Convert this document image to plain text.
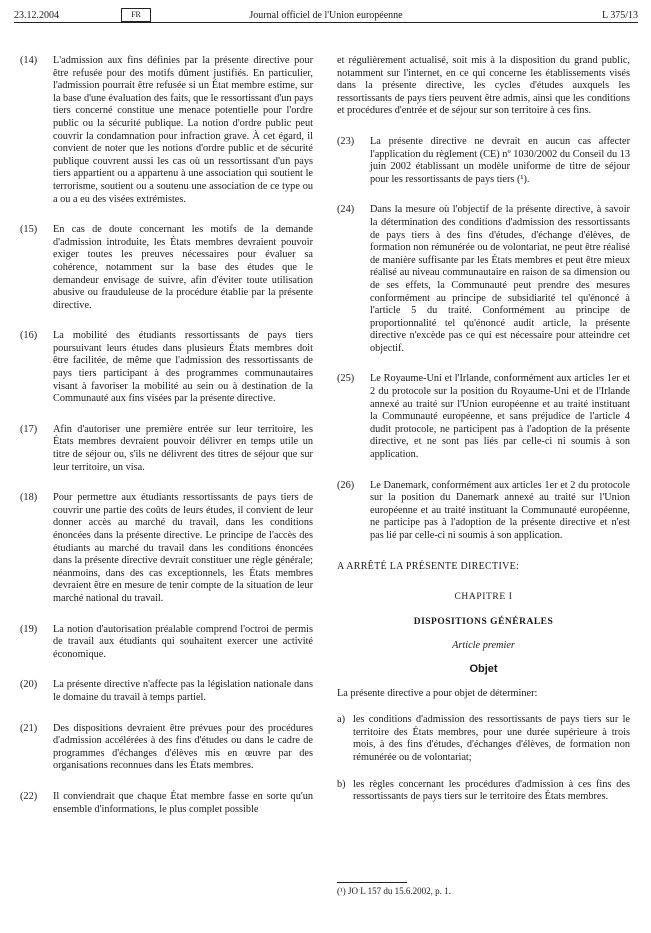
23.12.2004	FR	Journal officiel de l'Union européenne	L 375/13
(14)	L'admission aux fins définies par la présente directive pour être refusée pour des motifs dûment justifiés. En particulier, l'admission pourrait être refusée si un État membre estime, sur la base d'une évaluation des faits, que le ressortissant d'un pays tiers concerné constitue une menace potentielle pour l'ordre public ou la sécurité publique. La notion d'ordre public peut couvrir la condamnation pour infraction grave. À cet égard, il convient de noter que les notions d'ordre public et de sécurité publique couvrent aussi les cas où un ressortissant d'un pays tiers appartient ou a appartenu à une association qui soutient le terrorisme, soutient ou a soutenu une association de ce type ou a ou a eu des visées extrémistes.
(15)	En cas de doute concernant les motifs de la demande d'admission introduite, les États membres devraient pouvoir exiger toutes les preuves nécessaires pour évaluer sa cohérence, notamment sur la base des études que le demandeur envisage de suivre, afin d'éviter toute utilisation abusive ou frauduleuse de la procédure établie par la présente directive.
(16)	La mobilité des étudiants ressortissants de pays tiers poursuivant leurs études dans plusieurs États membres doit être facilitée, de même que l'admission des ressortissants de pays tiers participant à des programmes communautaires visant à favoriser la mobilité au sein ou à destination de la Communauté aux fins visées par la présente directive.
(17)	Afin d'autoriser une première entrée sur leur territoire, les États membres devraient pouvoir délivrer en temps utile un titre de séjour ou, s'ils ne délivrent des titres de séjour que sur leur territoire, un visa.
(18)	Pour permettre aux étudiants ressortissants de pays tiers de couvrir une partie des coûts de leurs études, il convient de leur donner accès au marché du travail, dans les conditions énoncées dans la présente directive. Le principe de l'accès des étudiants au marché du travail dans les conditions énoncées dans la présente directive devrait constituer une règle générale; néanmoins, dans des cas exceptionnels, les États membres devraient être en mesure de tenir compte de la situation de leur marché national du travail.
(19)	La notion d'autorisation préalable comprend l'octroi de permis de travail aux étudiants qui souhaitent exercer une activité économique.
(20)	La présente directive n'affecte pas la législation nationale dans le domaine du travail à temps partiel.
(21)	Des dispositions devraient être prévues pour des procédures d'admission accélérées à des fins d'études ou dans le cadre de programmes d'échanges d'élèves mis en œuvre par des organisations reconnues dans les États membres.
(22)	Il conviendrait que chaque État membre fasse en sorte qu'un ensemble d'informations, le plus complet possible
et régulièrement actualisé, soit mis à la disposition du grand public, notamment sur l'internet, en ce qui concerne les établissements visés dans la présente directive, les cycles d'études auxquels les ressortissants de pays tiers peuvent être admis, ainsi que les conditions et procédures d'entrée et de séjour sur son territoire à ces fins.
(23)	La présente directive ne devrait en aucun cas affecter l'application du règlement (CE) nº 1030/2002 du Conseil du 13 juin 2002 établissant un modèle uniforme de titre de séjour pour les ressortissants de pays tiers (¹).
(24)	Dans la mesure où l'objectif de la présente directive, à savoir la détermination des conditions d'admission des ressortissants de pays tiers à des fins d'études, d'échange d'élèves, de formation non rémunérée ou de volontariat, ne peut être réalisé de manière suffisante par les États membres et peut être mieux réalisé au niveau communautaire en raison de sa dimension ou de ses effets, la Communauté peut prendre des mesures conformément au principe de subsidiarité tel qu'énoncé à l'article 5 du traité. Conformément au principe de proportionnalité tel qu'énoncé audit article, la présente directive n'excède pas ce qui est nécessaire pour atteindre cet objectif.
(25)	Le Royaume-Uni et l'Irlande, conformément aux articles 1er et 2 du protocole sur la position du Royaume-Uni et de l'Irlande annexé au traité sur l'Union européenne et au traité instituant la Communauté européenne, et sans préjudice de l'article 4 dudit protocole, ne participent pas à l'adoption de la présente directive, et ne sont pas liés par celle-ci ni soumis à son application.
(26)	Le Danemark, conformément aux articles 1er et 2 du protocole sur la position du Danemark annexé au traité sur l'Union européenne et au traité instituant la Communauté européenne, ne participe pas à l'adoption de la présente directive et n'est pas lié par celle-ci ni soumis à son application.
A ARRÊTÉ LA PRÉSENTE DIRECTIVE:
CHAPITRE I
DISPOSITIONS GÉNÉRALES
Article premier
Objet
La présente directive a pour objet de déterminer:
a) les conditions d'admission des ressortissants de pays tiers sur le territoire des États membres, pour une durée supérieure à trois mois, à des fins d'études, d'échanges d'élèves, de formation non rémunérée ou de volontariat;
b) les règles concernant les procédures d'admission à ces fins des ressortissants de pays tiers sur le territoire des États membres.
(¹) JO L 157 du 15.6.2002, p. 1.
